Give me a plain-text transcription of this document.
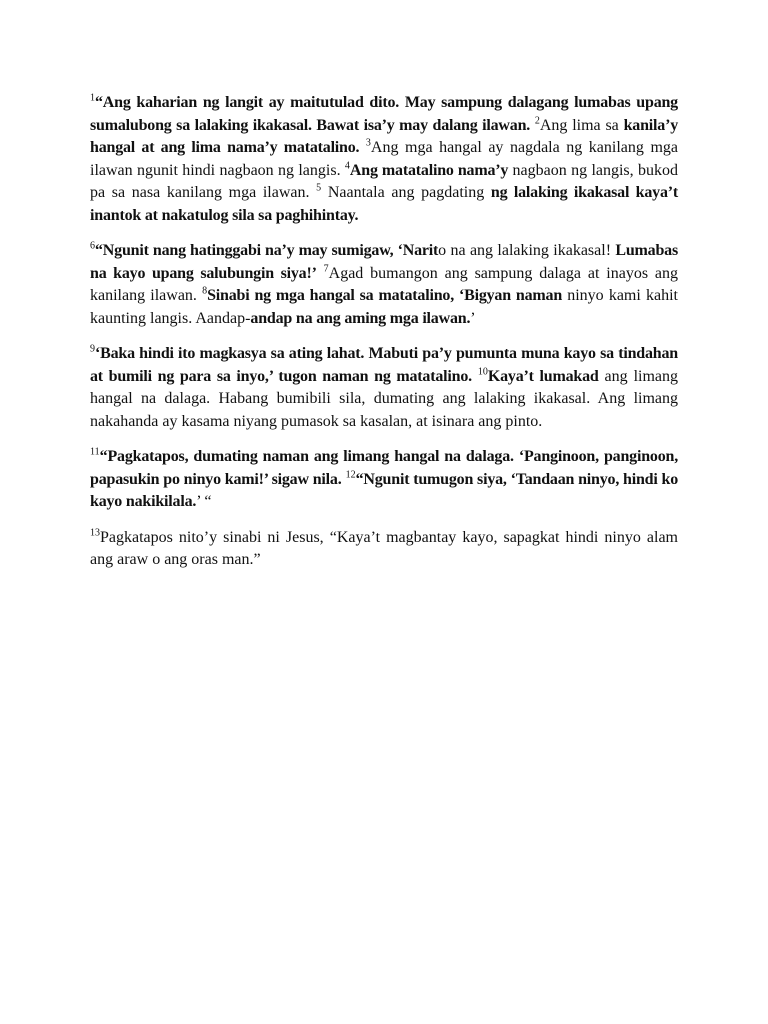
$^1$“Ang kaharian ng langit ay maitutulad dito. May sampung dalagang lumabas upang sumalubong sa lalaking ikakasal. Bawat isa’y may dalang ilawan. $^2$Ang lima sa kanila’y hangal at ang lima nama’y matatalino. $^3$Ang mga hangal ay nagdala ng kanilang mga ilawan ngunit hindi nagbaon ng langis. $^4$Ang matatalino nama’y nagbaon ng langis, bukod pa sa nasa kanilang mga ilawan. $^5$ Naantala ang pagdating ng lalaking ikakasal kaya’t inantok at nakatulog sila sa paghihintay.

$^6$“Ngunit nang hatinggabi na’y may sumigaw, ‘Narito na ang lalaking ikakasal! Lumabas na kayo upang salubungin siya!’ $^7$Agad bumangon ang sampung dalaga at inayos ang kanilang ilawan. $^8$Sinabi ng mga hangal sa matatalino, ‘Bigyan naman ninyo kami kahit kaunting langis. Aandap-andap na ang aming mga ilawan.’

$^9$‘Baka hindi ito magkasya sa ating lahat. Mabuti pa’y pumunta muna kayo sa tindahan at bumili ng para sa inyo,’ tugon naman ng matatalino. $^{10}$Kaya’t lumakad ang limang hangal na dalaga. Habang bumibili sila, dumating ang lalaking ikakasal. Ang limang nakahanda ay kasama niyang pumasok sa kasalan, at isinara ang pinto.

$^{11}$“Pagkatapos, dumating naman ang limang hangal na dalaga. ‘Panginoon, panginoon, papasukin po ninyo kami!’ sigaw nila. $^{12}$“Ngunit tumugon siya, ‘Tandaan ninyo, hindi ko kayo nakikilala.’ “

$^{13}$Pagkatapos nito’y sinabi ni Jesus, “Kaya’t magbantay kayo, sapagkat hindi ninyo alam ang araw o ang oras man.”
